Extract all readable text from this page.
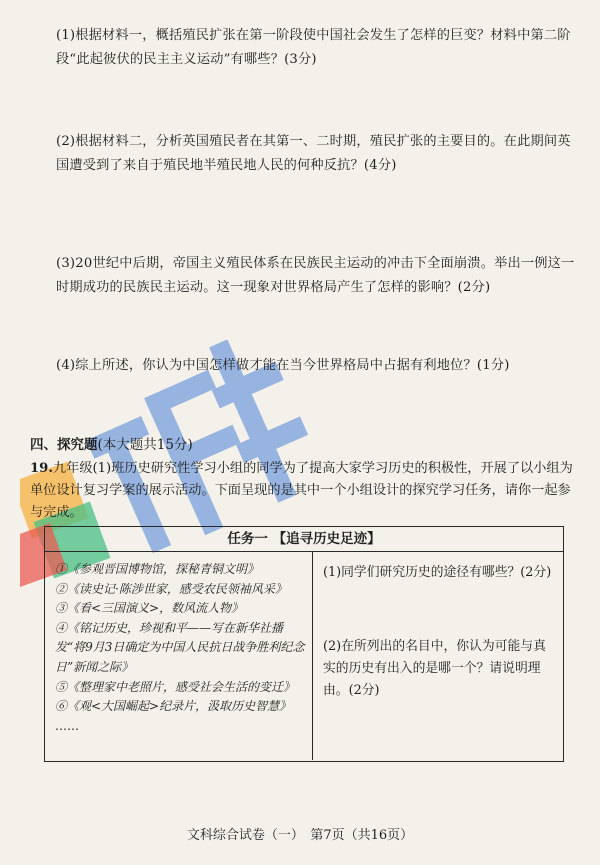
(1)根据材料一，概括殖民扩张在第一阶段使中国社会发生了怎样的巨变？材料中第二阶段“此起彼伏的民主主义运动”有哪些？(3分)
(2)根据材料二，分析英国殖民者在其第一、二时期，殖民扩张的主要目的。在此期间英国遭受到了来自于殖民地半殖民地人民的何种反抗？(4分)
(3)20世纪中后期，帝国主义殖民体系在民族民主运动的冲击下全面崩溃。举出一例这一时期成功的民族民主运动。这一现象对世界格局产生了怎样的影响？(2分)
(4)综上所述，你认为中国怎样做才能在当今世界格局中占据有利地位？(1分)
四、探究题(本大题共15分)
19.九年级(1)班历史研究性学习小组的同学为了提高大家学习历史的积极性，开展了以小组为单位设计复习学案的展示活动。下面呈现的是其中一个小组设计的探究学习任务，请你一起参与完成。
任务一 【追寻历史足迹】
①《参观晋国博物馆，探秘青铜文明》
②《读史记·陈涉世家，感受农民领袖风采》
③《看<三国演义>，数风流人物》
④《铭记历史，珍视和平——写在新华社播发“将9月3日确定为中国人民抗日战争胜利纪念日”新闻之际》
⑤《整理家中老照片，感受社会生活的变迁》
⑥《观<大国崛起>纪录片，汲取历史智慧》
……
(1)同学们研究历史的途径有哪些？(2分)
(2)在所列出的名目中，你认为可能与真实的历史有出入的是哪一个？请说明理由。(2分)
文科综合试卷（一）　第7页（共16页）
